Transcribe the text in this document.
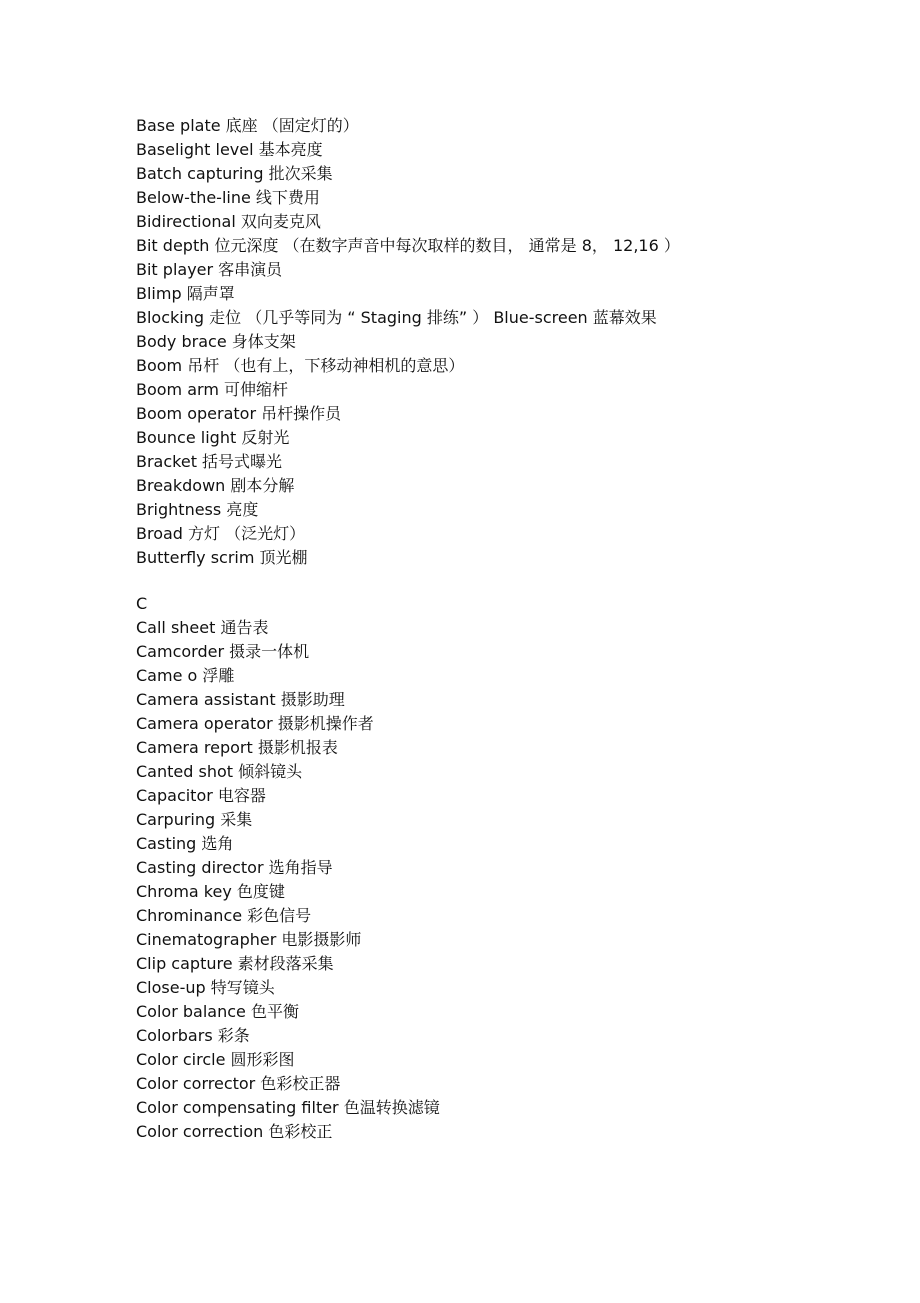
Base plate 底座 （固定灯的）
Baselight level 基本亮度
Batch capturing 批次采集
Below-the-line 线下费用
Bidirectional 双向麦克风
Bit depth 位元深度 （在数字声音中每次取样的数目， 通常是 8， 12,16 ）
Bit player 客串演员
Blimp 隔声罩
Blocking 走位 （几乎等同为 “ Staging 排练” ） Blue-screen 蓝幕效果
Body brace 身体支架
Boom 吊杆 （也有上，下移动神相机的意思）
Boom arm 可伸缩杆
Boom operator 吊杆操作员
Bounce light 反射光
Bracket 括号式曝光
Breakdown 剧本分解
Brightness 亮度
Broad 方灯 （泛光灯）
Butterfly scrim 顶光棚
C
Call sheet 通告表
Camcorder 摄录一体机
Came o 浮雕
Camera assistant 摄影助理
Camera operator 摄影机操作者
Camera report 摄影机报表
Canted shot 倾斜镜头
Capacitor 电容器
Carpuring 采集
Casting 选角
Casting director 选角指导
Chroma key 色度键
Chrominance 彩色信号
Cinematographer 电影摄影师
Clip capture 素材段落采集
Close-up 特写镜头
Color balance 色平衡
Colorbars 彩条
Color circle 圆形彩图
Color corrector 色彩校正器
Color compensating filter 色温转换滤镜
Color correction 色彩校正
